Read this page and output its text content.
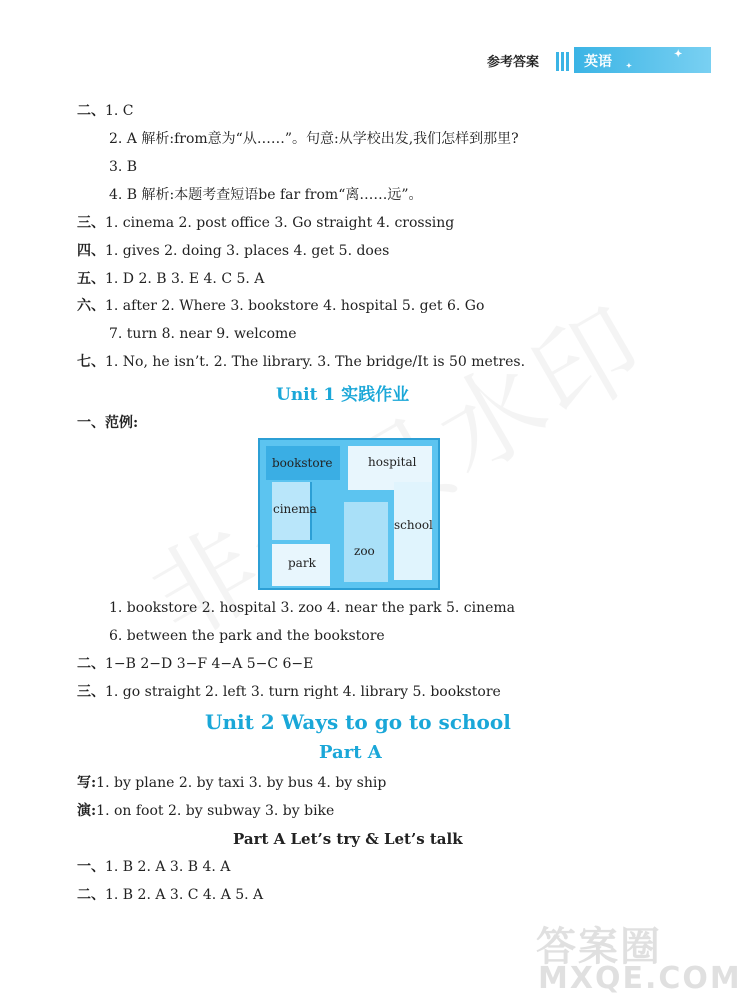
参考答案	英语	✦
✦
二、1. C
2. A 解析:from意为“从……”。句意:从学校出发,我们怎样到那里?
3. B
4. B 解析:本题考查短语be far from“离……远”。
三、1. cinema 2. post office 3. Go straight 4. crossing
四、1. gives 2. doing 3. places 4. get 5. does
五、1. D 2. B 3. E 4. C 5. A
六、1. after 2. Where 3. bookstore 4. hospital 5. get 6. Go
7. turn 8. near 9. welcome
七、1. No, he isn’t. 2. The library. 3. The bridge/It is 50 metres.
Unit 1 实践作业
一、范例:
bookstore	hospital
cinema
school
zoo
park
1. bookstore 2. hospital 3. zoo 4. near the park 5. cinema
6. between the park and the bookstore
二、1−B 2−D 3−F 4−A 5−C 6−E
三、1. go straight 2. left 3. turn right 4. library 5. bookstore
Unit 2 Ways to go to school
Part A
写:1. by plane 2. by taxi 3. by bus 4. by ship
演:1. on foot 2. by subway 3. by bike
Part A Let’s try & Let’s talk
一、1. B 2. A 3. B 4. A
二、1. B 2. A 3. C 4. A 5. A
答案圈
MXQE.COM
